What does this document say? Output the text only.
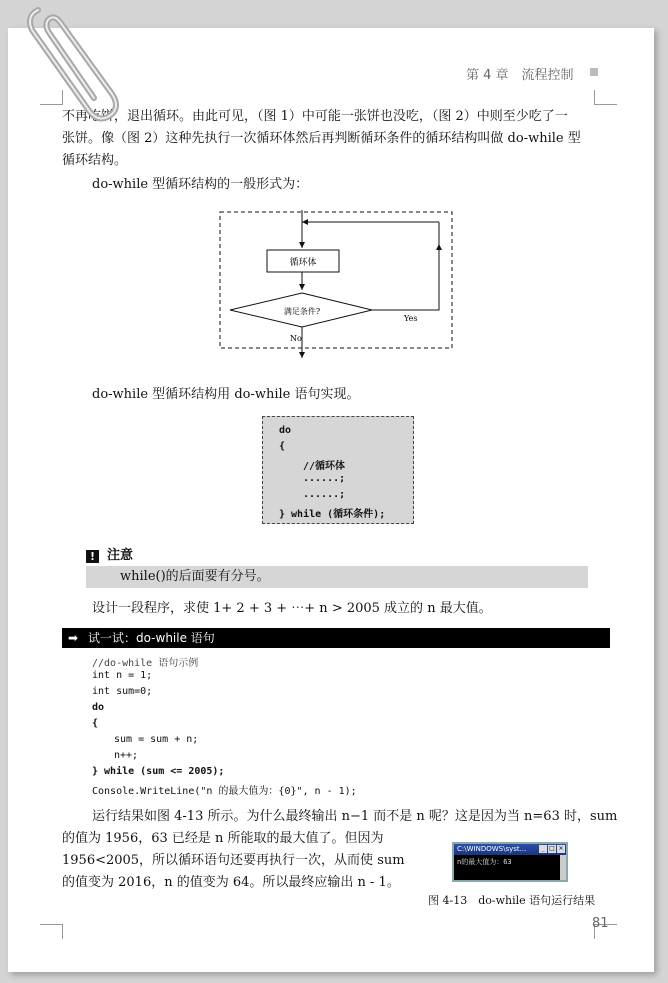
第 4 章　流程控制

不再吃饼，退出循环。由此可见，（图 1）中可能一张饼也没吃，（图 2）中则至少吃了一

张饼。像（图 2）这种先执行一次循环体然后再判断循环条件的循环结构叫做 do-while 型

循环结构。

do-while 型循环结构的一般形式为：

循环体
满足条件?
Yes
No

do-while 型循环结构用 do-while 语句实现。

do
{
//循环体
......;
......;
} while (循环条件);
! 注意
while()的后面要有分号。

设计一段程序，求使 1+ 2 + 3 + ⋯+ n > 2005 成立的 n 最大值。

➡ 试一试：do-while 语句
//do-while 语句示例
int n = 1;
int sum=0;
do
{
sum = sum + n;
n++;
} while (sum <= 2005);
Console.WriteLine("n 的最大值为：{0}", n - 1);

运行结果如图 4-13 所示。为什么最终输出 n−1 而不是 n 呢？这是因为当 n=63 时，sum

的值为 1956，63 已经是 n 所能取的最大值了。但因为

1956<2005，所以循环语句还要再执行一次，从而使 sum

的值变为 2016，n 的值变为 64。所以最终应输出 n - 1。

C:\WINDOWS\syst...	_ □ ×
n的最大值为：63
图 4-13　do-while 语句运行结果
81
